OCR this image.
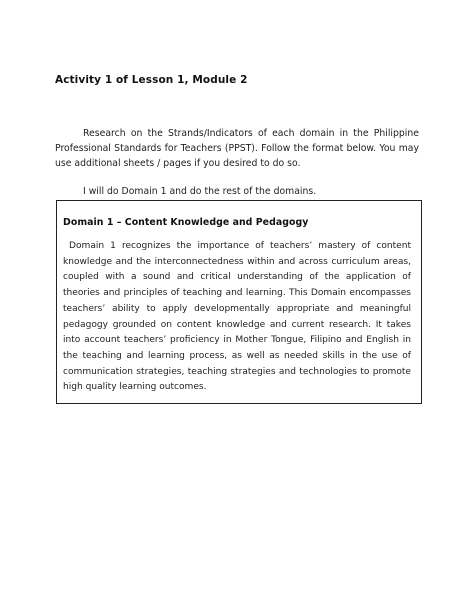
Activity 1 of Lesson 1, Module 2
Research on the Strands/Indicators of each domain in the Philippine Professional Standards for Teachers (PPST). Follow the format below. You may use additional sheets / pages if you desired to do so.
I will do Domain 1 and do the rest of the domains.
Domain 1 – Content Knowledge and Pedagogy
Domain 1 recognizes the importance of teachers’ mastery of content knowledge and the interconnectedness within and across curriculum areas, coupled with a sound and critical understanding of the application of theories and principles of teaching and learning. This Domain encompasses teachers’ ability to apply developmentally appropriate and meaningful pedagogy grounded on content knowledge and current research. It takes into account teachers’ proficiency in Mother Tongue, Filipino and English in the teaching and learning process, as well as needed skills in the use of communication strategies, teaching strategies and technologies to promote high quality learning outcomes.
